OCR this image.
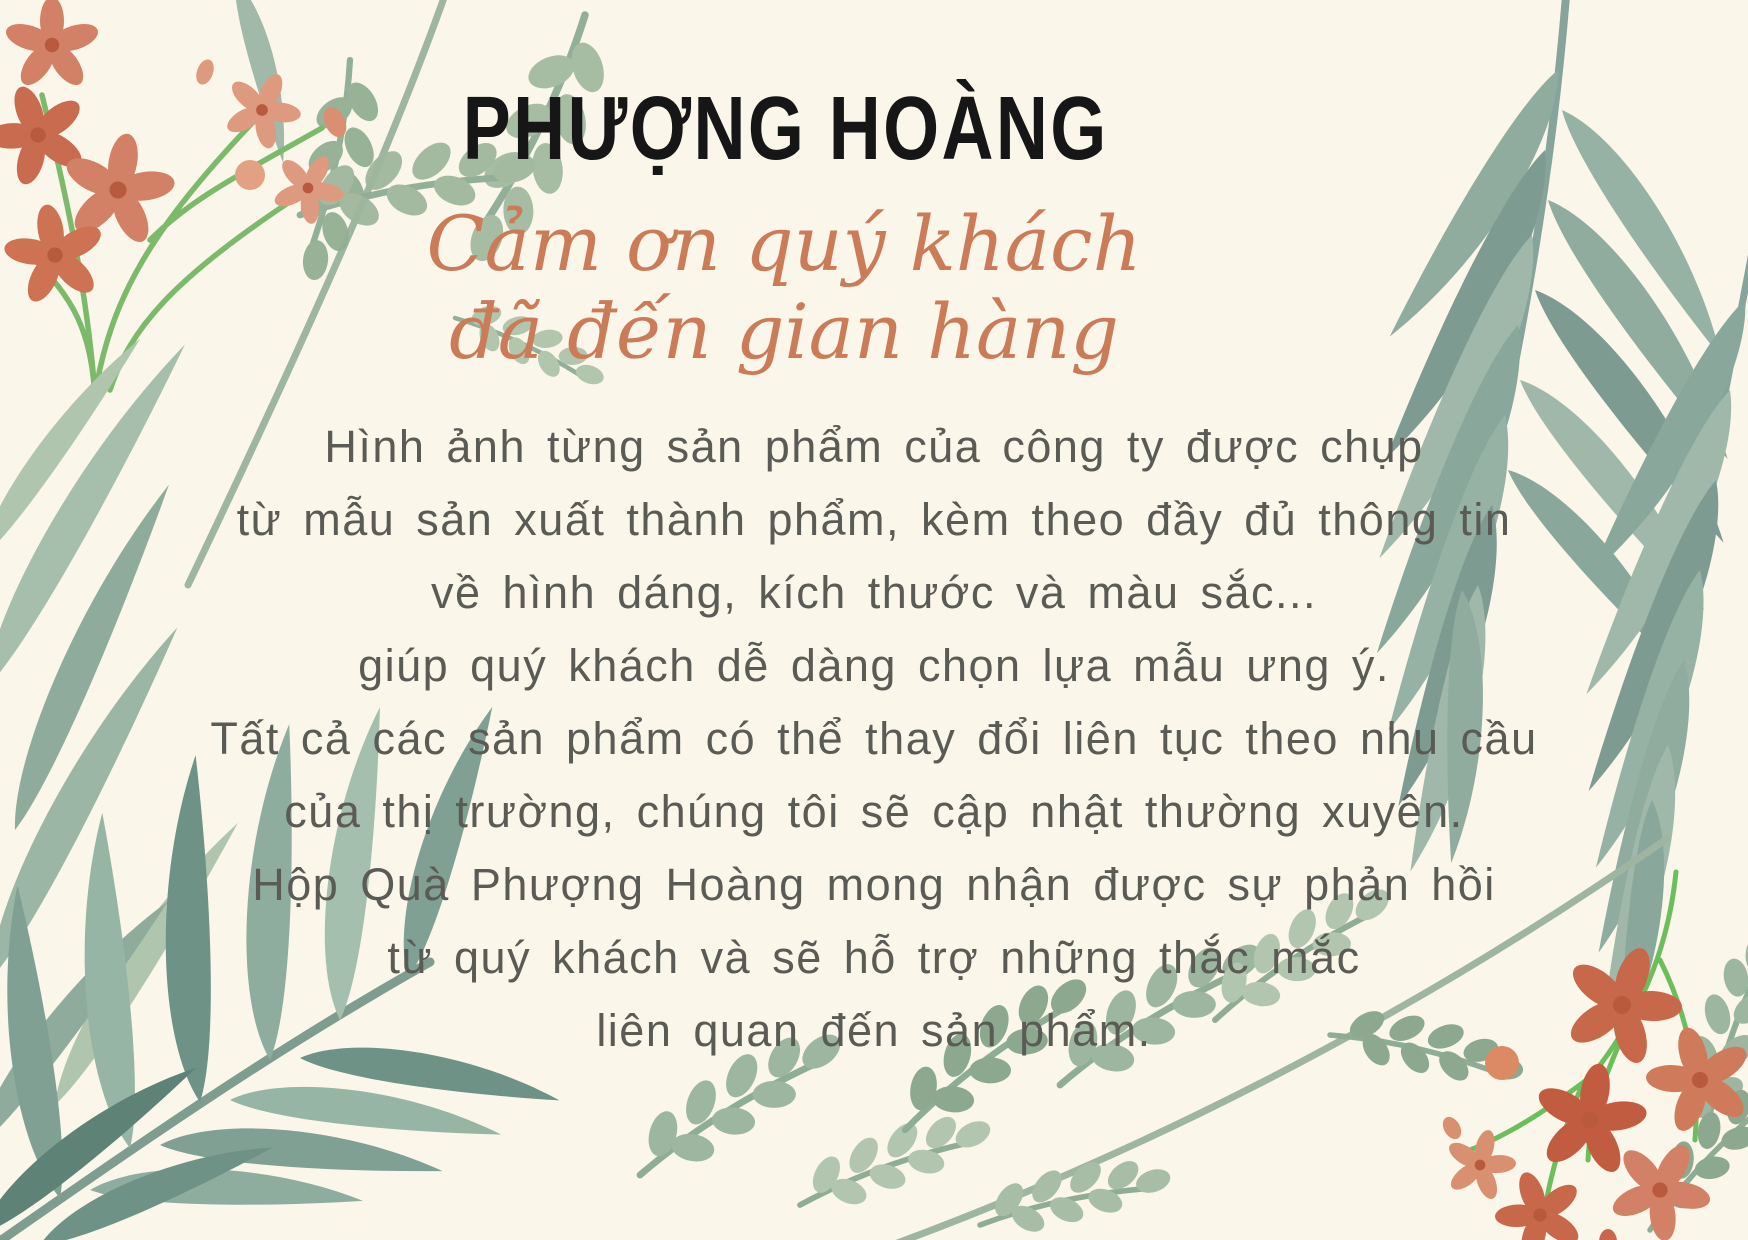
PHƯỢNG HOÀNG
Cảm ơn quý khách
đã đến gian hàng

Hình ảnh từng sản phẩm của công ty được chụp

từ mẫu sản xuất thành phẩm, kèm theo đầy đủ thông tin

về hình dáng, kích thước và màu sắc...

giúp quý khách dễ dàng chọn lựa mẫu ưng ý.

Tất cả các sản phẩm có thể thay đổi liên tục theo nhu cầu

của thị trường, chúng tôi sẽ cập nhật thường xuyên.

Hộp Quà Phượng Hoàng mong nhận được sự phản hồi

từ quý khách và sẽ hỗ trợ những thắc mắc

liên quan đến sản phẩm.
